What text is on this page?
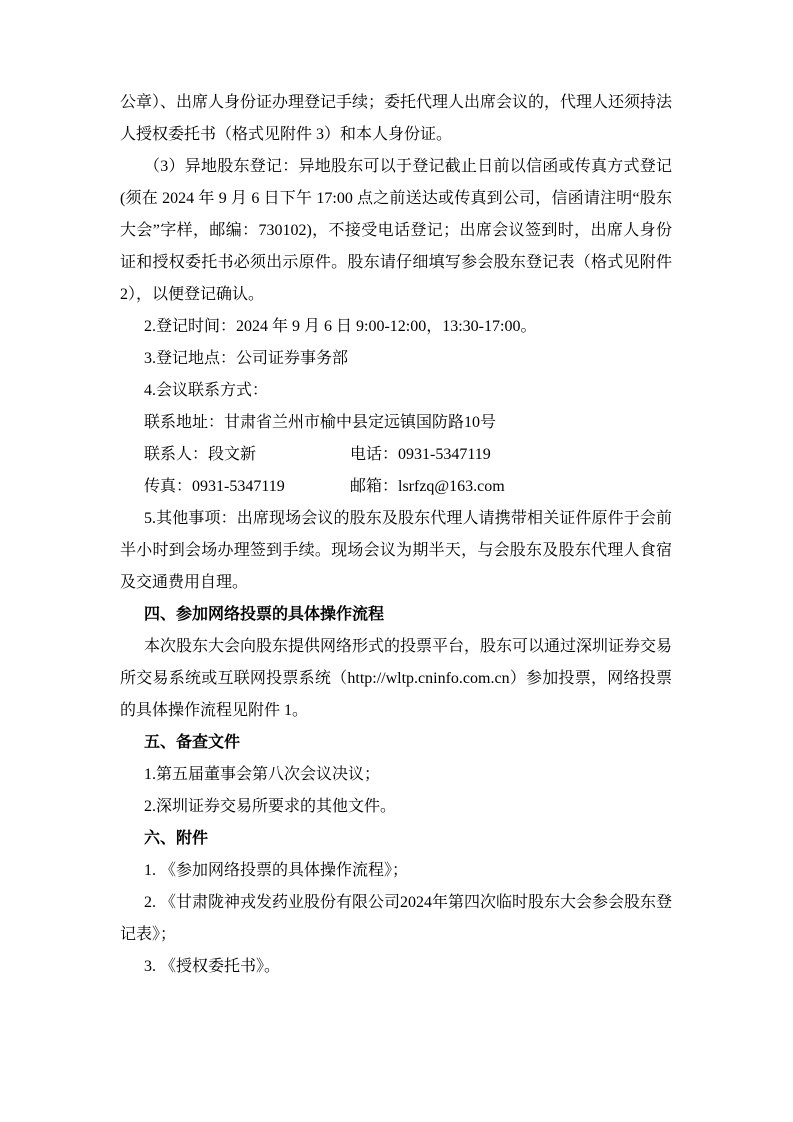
公章）、出席人身份证办理登记手续；委托代理人出席会议的，代理人还须持法人授权委托书（格式见附件 3）和本人身份证。

（3）异地股东登记：异地股东可以于登记截止日前以信函或传真方式登记(须在 2024 年 9 月 6 日下午 17:00 点之前送达或传真到公司，信函请注明“股东大会”字样，邮编：730102)，不接受电话登记；出席会议签到时，出席人身份证和授权委托书必须出示原件。股东请仔细填写参会股东登记表（格式见附件 2），以便登记确认。

2.登记时间：2024 年 9 月 6 日 9:00-12:00，13:30-17:00。

3.登记地点：公司证券事务部

4.会议联系方式：

联系地址：甘肃省兰州市榆中县定远镇国防路10号

联系人：段文新	电话：0931-5347119
传真：0931-5347119	邮箱：lsrfzq@163.com

5.其他事项：出席现场会议的股东及股东代理人请携带相关证件原件于会前半小时到会场办理签到手续。现场会议为期半天，与会股东及股东代理人食宿及交通费用自理。

四、参加网络投票的具体操作流程

本次股东大会向股东提供网络形式的投票平台，股东可以通过深圳证券交易所交易系统或互联网投票系统（http://wltp.cninfo.com.cn）参加投票，网络投票的具体操作流程见附件 1。

五、备查文件

1.第五届董事会第八次会议决议；

2.深圳证券交易所要求的其他文件。

六、附件

1. 《参加网络投票的具体操作流程》；

2. 《甘肃陇神戎发药业股份有限公司2024年第四次临时股东大会参会股东登记表》；

3. 《授权委托书》。
